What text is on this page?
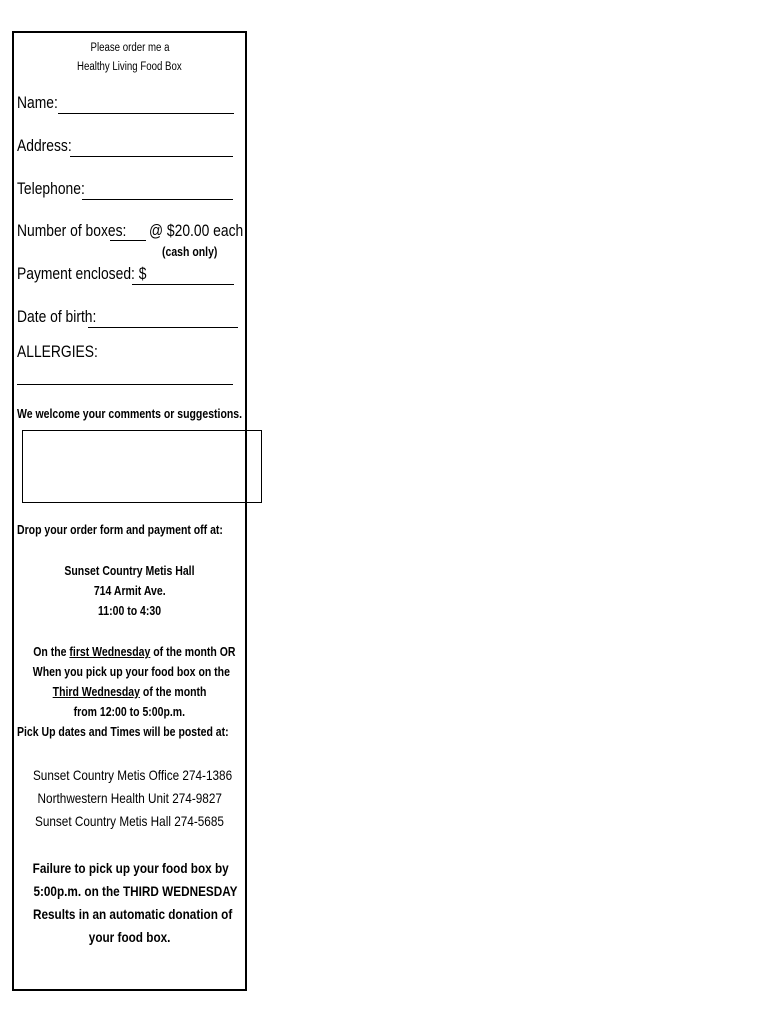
Please order me a
Healthy Living Food Box
Name:
Address:
Telephone:
Number of boxes:	@ $20.00 each
(cash only)
Payment enclosed: $
Date of birth:
ALLERGIES:
We welcome your comments or suggestions.
Drop your order form and payment off at:
Sunset Country Metis Hall
714 Armit Ave.
11:00 to 4:30
On the first Wednesday of the month OR
When you pick up your food box on the
Third Wednesday of the month
from 12:00 to 5:00p.m.
Pick Up dates and Times will be posted at:
Sunset Country Metis Office 274-1386
Northwestern Health Unit 274-9827
Sunset Country Metis Hall 274-5685
Failure to pick up your food box by
5:00p.m. on the THIRD WEDNESDAY
Results in an automatic donation of
your food box.
